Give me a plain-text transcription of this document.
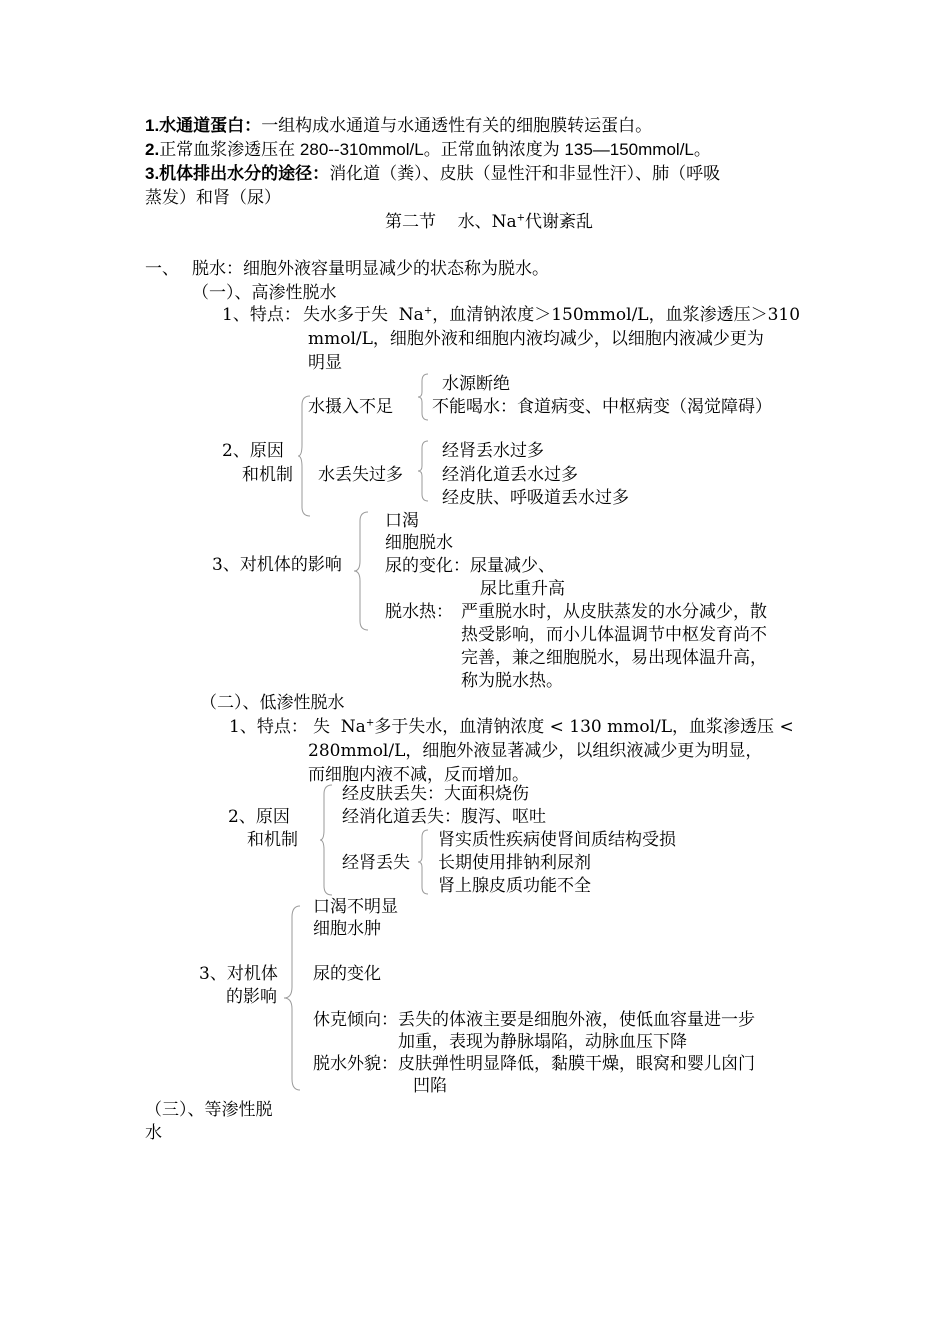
1.水通道蛋白：一组构成水通道与水通透性有关的细胞膜转运蛋白。
2.正常血浆渗透压在 280--310mmol/L。正常血钠浓度为 135—150mmol/L。
3.机体排出水分的途径：消化道（粪）、皮肤（显性汗和非显性汗）、肺（呼吸
蒸发）和肾（尿）
第二节    水、Na+代谢紊乱
一、 脱水：细胞外液容量明显减少的状态称为脱水。
（一）、高渗性脱水
1、特点： 失水多于失  Na+，血清钠浓度＞150mmol/L，血浆渗透压＞310
mmol/L，细胞外液和细胞内液均减少，以细胞内液减少更为
明显
2、原因
和机制
水摄入不足
水源断绝
不能喝水：食道病变、中枢病变（渴觉障碍）
水丢失过多
经肾丢水过多
经消化道丢水过多
经皮肤、呼吸道丢水过多
3、对机体的影响
口渴
细胞脱水
尿的变化：尿量减少、
尿比重升高
脱水热： 严重脱水时，从皮肤蒸发的水分减少，散
热受影响，而小儿体温调节中枢发育尚不
完善，兼之细胞脱水，易出现体温升高，
称为脱水热。
（二）、低渗性脱水
1、特点： 失  Na+多于失水，血清钠浓度 < 130 mmol/L，血浆渗透压 <
280mmol/L，细胞外液显著减少，以组织液减少更为明显，
而细胞内液不减，反而增加。
2、原因
和机制
经皮肤丢失：大面积烧伤
经消化道丢失：腹泻、呕吐
经肾丢失
肾实质性疾病使肾间质结构受损
长期使用排钠利尿剂
肾上腺皮质功能不全
3、对机体
的影响
口渴不明显
细胞水肿
尿的变化
休克倾向：丢失的体液主要是细胞外液，使低血容量进一步
加重，表现为静脉塌陷，动脉血压下降
脱水外貌：皮肤弹性明显降低，黏膜干燥，眼窝和婴儿囟门
凹陷
（三）、等渗性脱
水
